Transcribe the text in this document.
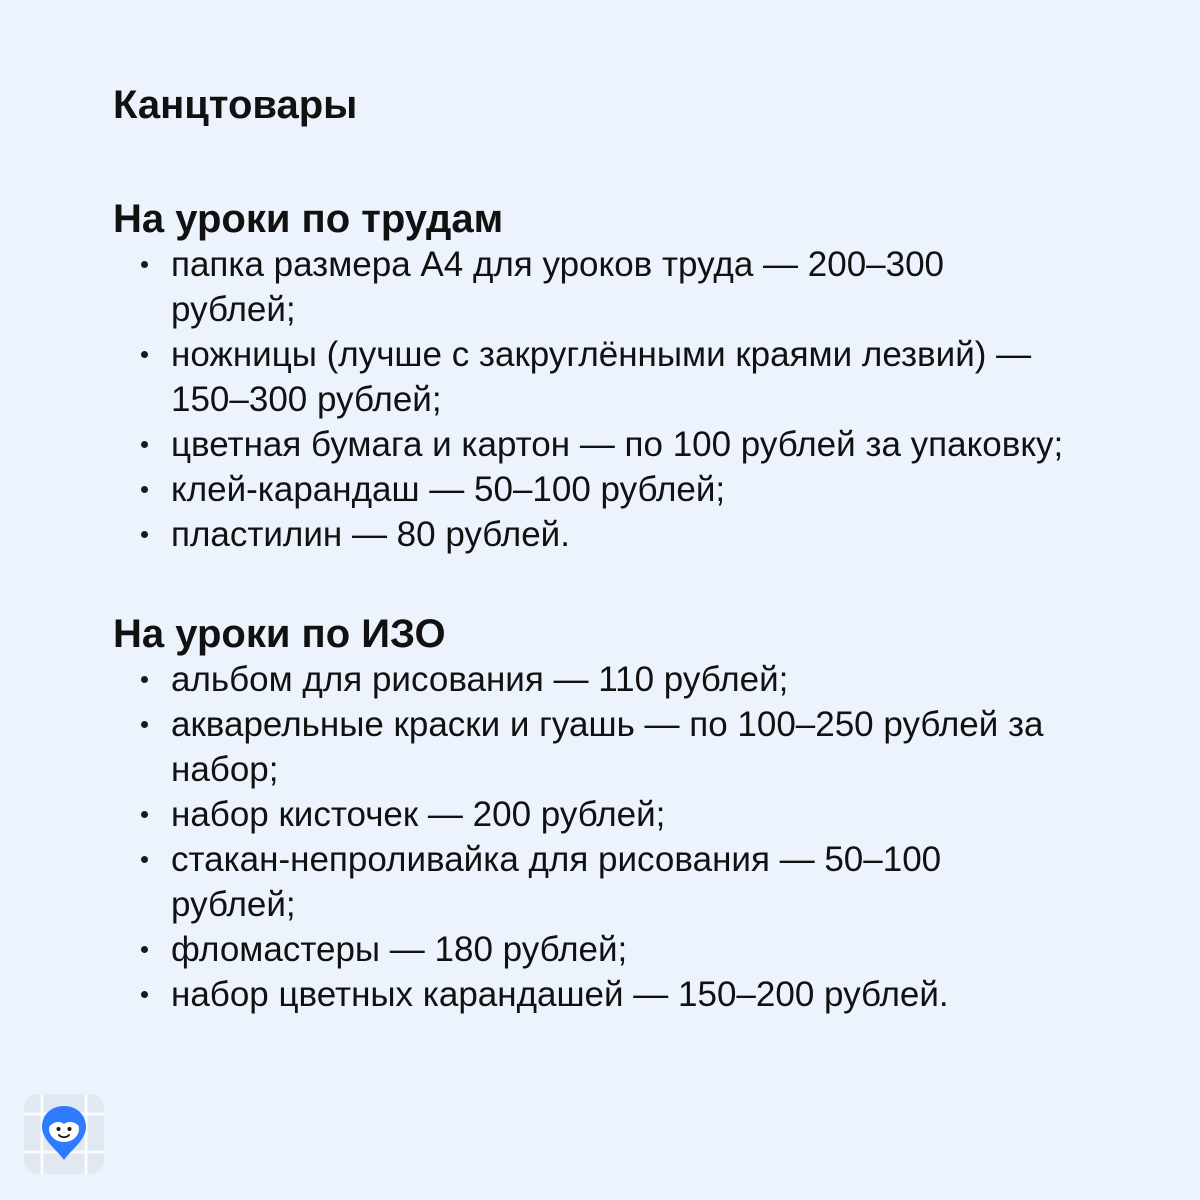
Канцтовары
На уроки по трудам
папка размера А4 для уроков труда — 200–300 рублей;
ножницы (лучше с закруглёнными краями лезвий) — 150–300 рублей;
цветная бумага и картон — по 100 рублей за упаковку;
клей-карандаш — 50–100 рублей;
пластилин — 80 рублей.
На уроки по ИЗО
альбом для рисования — 110 рублей;
акварельные краски и гуашь — по 100–250 рублей за набор;
набор кисточек — 200 рублей;
стакан-непроливайка для рисования — 50–100 рублей;
фломастеры — 180 рублей;
набор цветных карандашей — 150–200 рублей.
